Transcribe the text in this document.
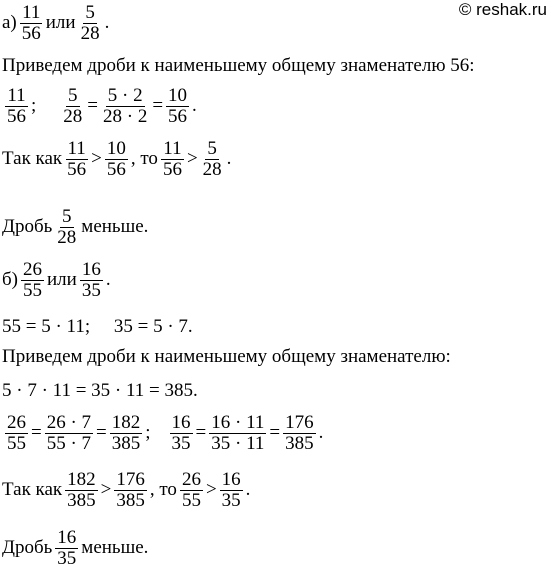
© reshak.ru
$а) \frac{11}{56}$ или $\frac{5}{28}$ .
Приведем дроби к наименьшему общему знаменателю 56:
$\frac{11}{56}$ ; $\frac{5}{28} = \frac{5 \cdot 2}{28 \cdot 2} = \frac{10}{56}$ .
Так как $\frac{11}{56} > \frac{10}{56}$ , то $\frac{11}{56} > \frac{5}{28}$ .
Дробь $\frac{5}{28}$ меньше.
$б) \frac{26}{55}$ или $\frac{16}{35}$ .
55 = 5 · 11;     35 = 5 · 7.
Приведем дроби к наименьшему общему знаменателю:
5 · 7 · 11 = 35 · 11 = 385.
$\frac{26}{55} = \frac{26 \cdot 7}{55 \cdot 7} = \frac{182}{385}$ ; $\frac{16}{35} = \frac{16 \cdot 11}{35 \cdot 11} = \frac{176}{385}$ .
Так как $\frac{182}{385} > \frac{176}{385}$ , то $\frac{26}{55} > \frac{16}{35}$ .
Дробь $\frac{16}{35}$ меньше.
